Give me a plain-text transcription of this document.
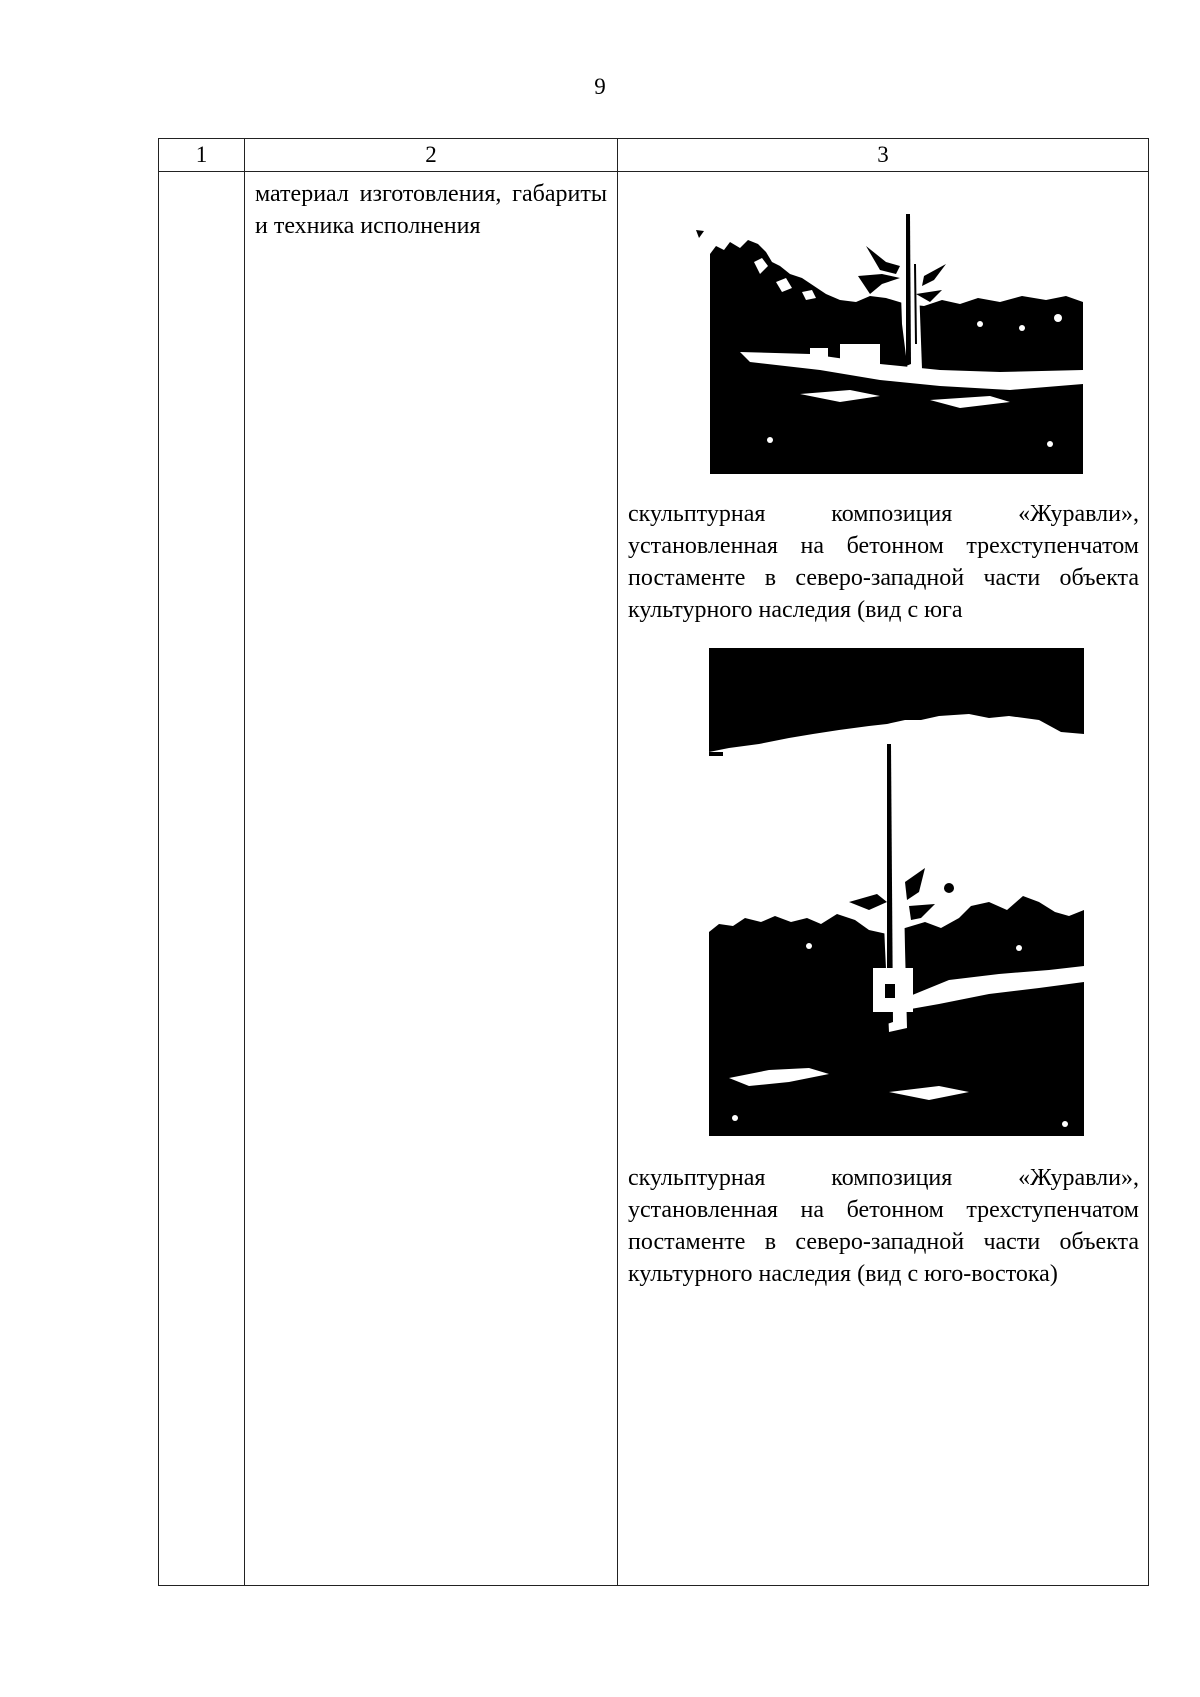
9
1	2	3

	материал изготовления, габариты и техника исполнения	скульптурная композиция «Журавли», установленная на бетонном трехступенчатом постаменте в северо-западной части объекта культурного наследия (вид с юга
скульптурная композиция «Журавли», установленная на бетонном трехступенчатом постаменте в северо-западной части объекта культурного наследия (вид с юго-востока)
